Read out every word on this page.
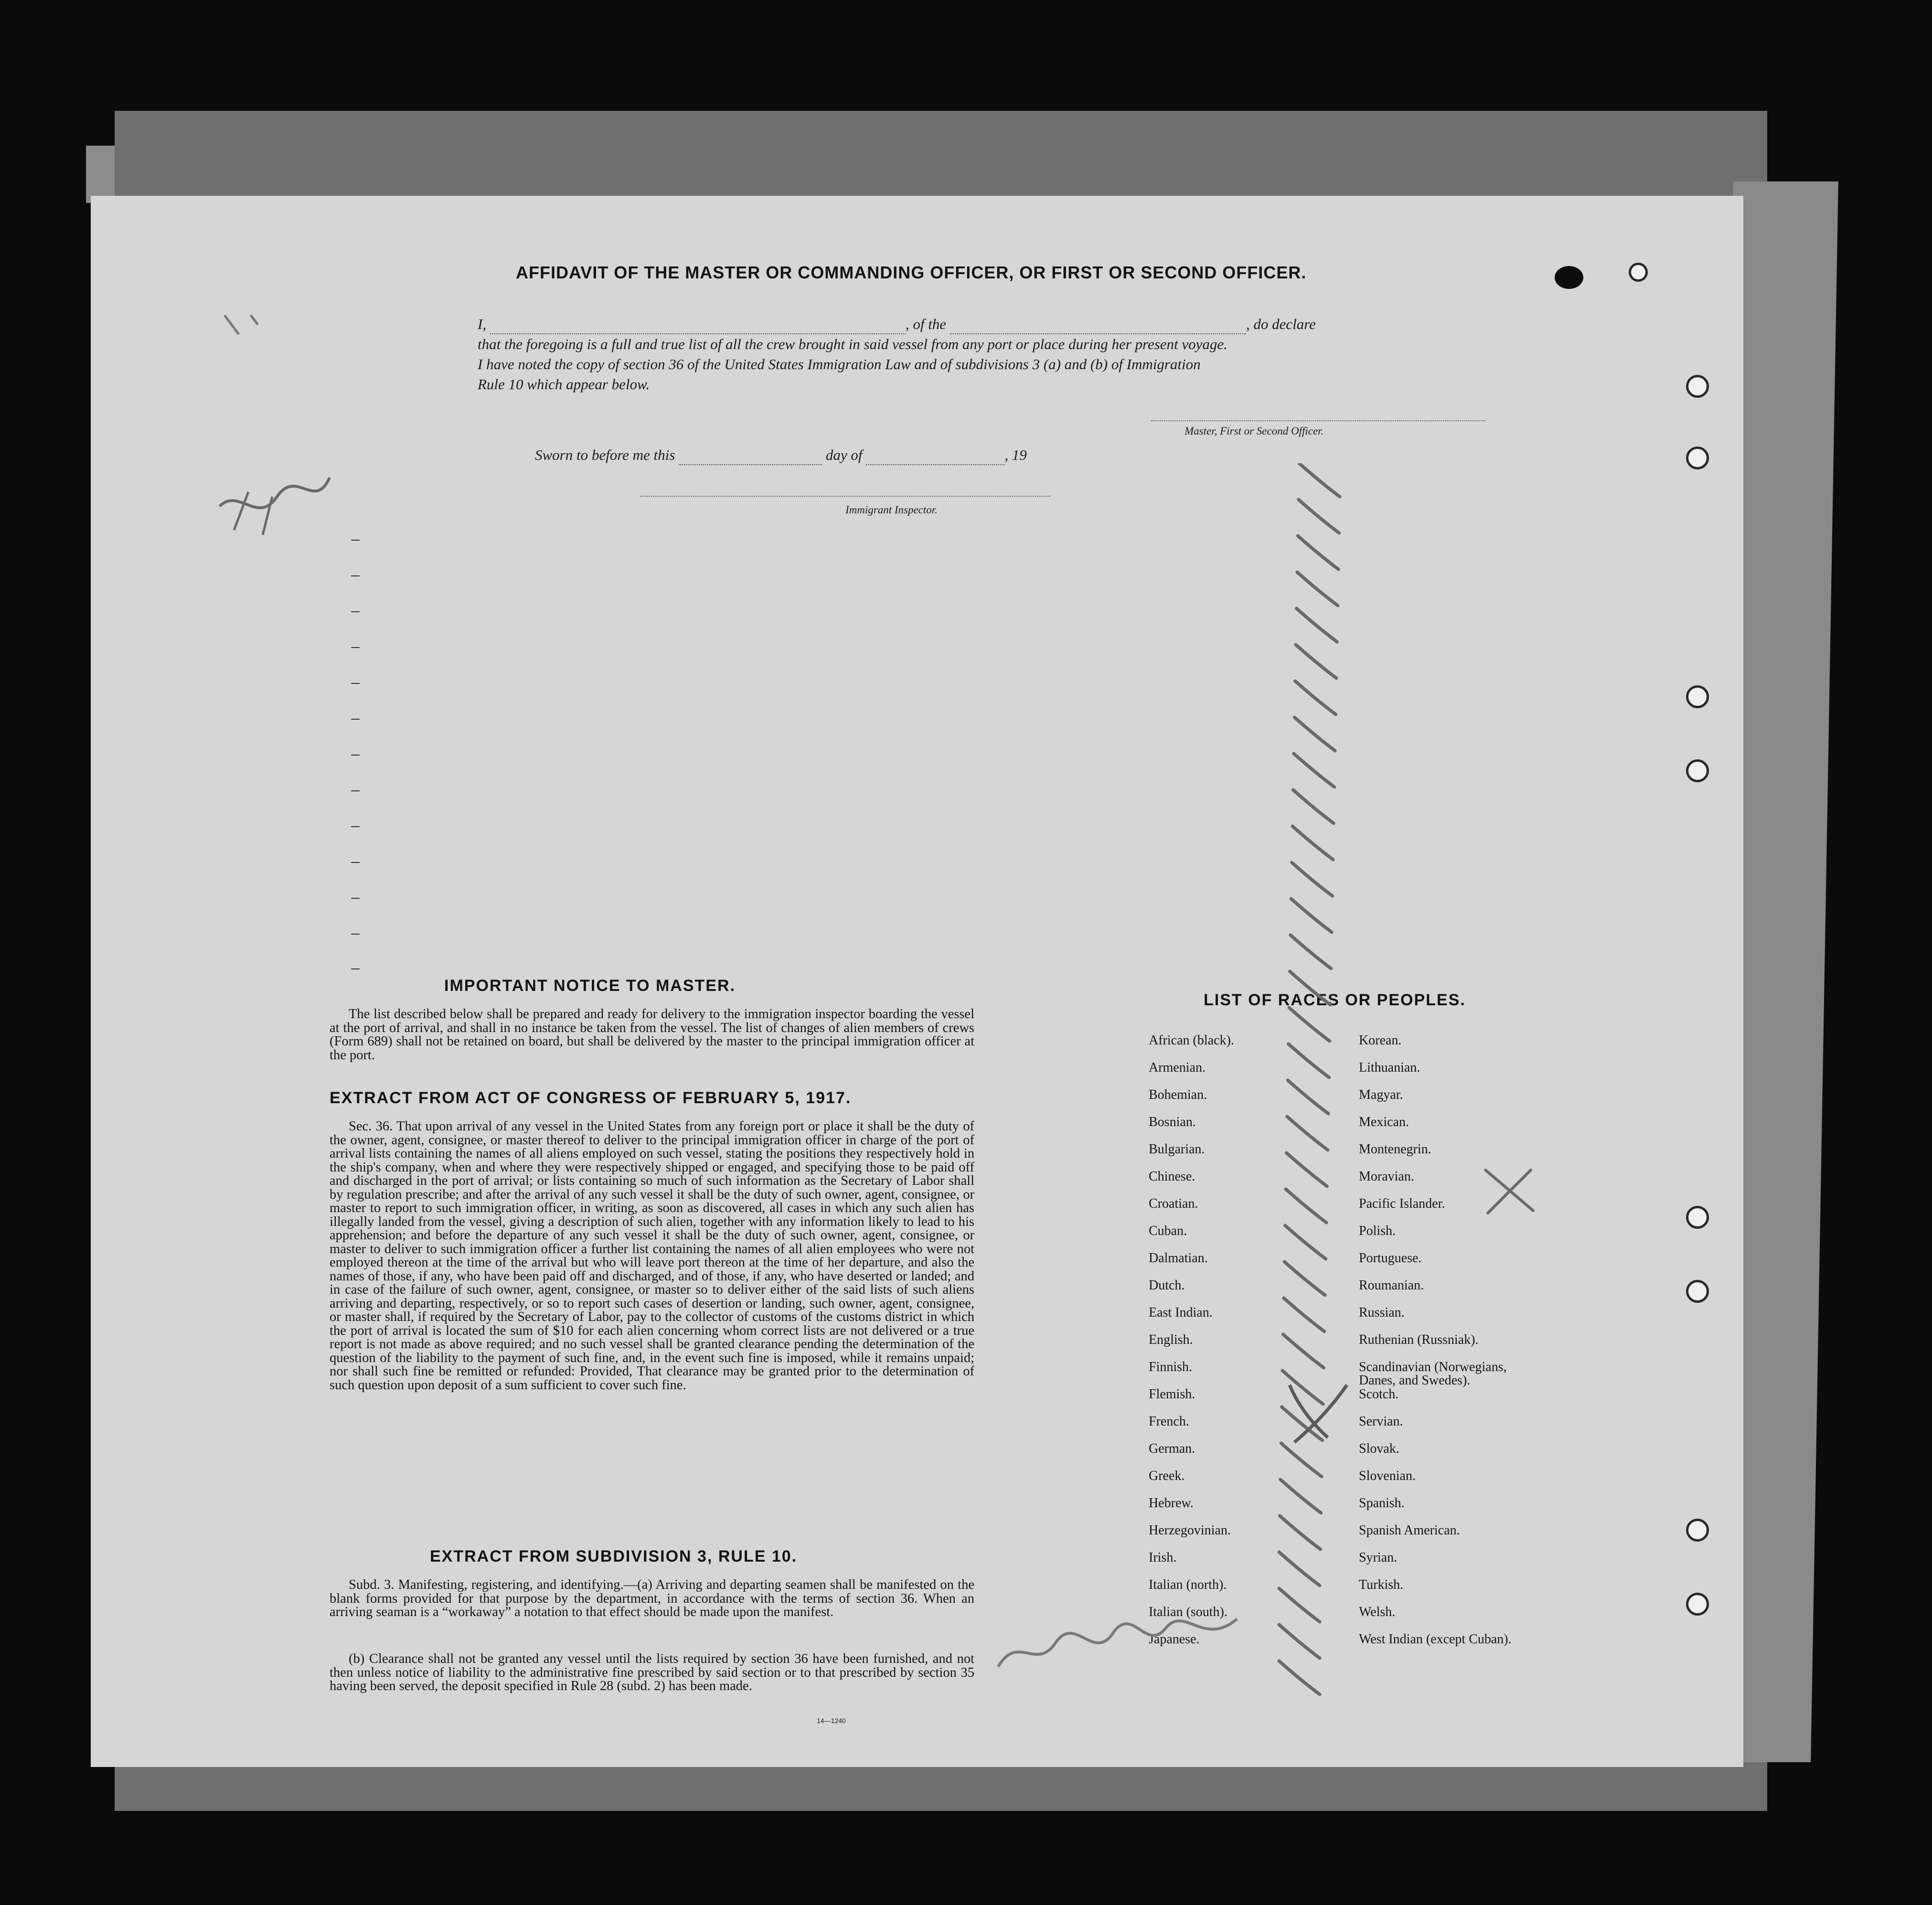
AFFIDAVIT OF THE MASTER OR COMMANDING OFFICER, OR FIRST OR SECOND OFFICER.
I,	, of the	, do declare
that the foregoing is a full and true list of all the crew brought in said vessel from any port or place during her present voyage.
I have noted the copy of section 36 of the United States Immigration Law and of subdivisions 3 (a) and (b) of Immigration
Rule 10 which appear below.
Master, First or Second Officer.
Sworn to before me this	day of	, 19
Immigrant Inspector.
IMPORTANT NOTICE TO MASTER.
The list described below shall be prepared and ready for delivery to the immigration inspector boarding the vessel at the port of arrival, and shall in no instance be taken from the vessel. The list of changes of alien members of crews (Form 689) shall not be retained on board, but shall be delivered by the master to the principal immigration officer at the port.
EXTRACT FROM ACT OF CONGRESS OF FEBRUARY 5, 1917.
Sec. 36. That upon arrival of any vessel in the United States from any foreign port or place it shall be the duty of the owner, agent, consignee, or master thereof to deliver to the principal immigration officer in charge of the port of arrival lists containing the names of all aliens employed on such vessel, stating the positions they respectively hold in the ship's company, when and where they were respectively shipped or engaged, and specifying those to be paid off and discharged in the port of arrival; or lists containing so much of such information as the Secretary of Labor shall by regulation prescribe; and after the arrival of any such vessel it shall be the duty of such owner, agent, consignee, or master to report to such immigration officer, in writing, as soon as discovered, all cases in which any such alien has illegally landed from the vessel, giving a description of such alien, together with any information likely to lead to his apprehension; and before the departure of any such vessel it shall be the duty of such owner, agent, consignee, or master to deliver to such immigration officer a further list containing the names of all alien employees who were not employed thereon at the time of the arrival but who will leave port thereon at the time of her departure, and also the names of those, if any, who have been paid off and discharged, and of those, if any, who have deserted or landed; and in case of the failure of such owner, agent, consignee, or master so to deliver either of the said lists of such aliens arriving and departing, respectively, or so to report such cases of desertion or landing, such owner, agent, consignee, or master shall, if required by the Secretary of Labor, pay to the collector of customs of the customs district in which the port of arrival is located the sum of $10 for each alien concerning whom correct lists are not delivered or a true report is not made as above required; and no such vessel shall be granted clearance pending the determination of the question of the liability to the payment of such fine, and, in the event such fine is imposed, while it remains unpaid; nor shall such fine be remitted or refunded: Provided, That clearance may be granted prior to the determination of such question upon deposit of a sum sufficient to cover such fine.
EXTRACT FROM SUBDIVISION 3, RULE 10.
Subd. 3. Manifesting, registering, and identifying.—(a) Arriving and departing seamen shall be manifested on the blank forms provided for that purpose by the department, in accordance with the terms of section 36. When an arriving seaman is a “workaway” a notation to that effect should be made upon the manifest.
(b) Clearance shall not be granted any vessel until the lists required by section 36 have been furnished, and not then unless notice of liability to the administrative fine prescribed by said section or to that prescribed by section 35 having been served, the deposit specified in Rule 28 (subd. 2) has been made.
14—1240
LIST OF RACES OR PEOPLES.
African (black).
Armenian.
Bohemian.
Bosnian.
Bulgarian.
Chinese.
Croatian.
Cuban.
Dalmatian.
Dutch.
East Indian.
English.
Finnish.
Flemish.
French.
German.
Greek.
Hebrew.
Herzegovinian.
Irish.
Italian (north).
Italian (south).
Japanese.
Korean.
Lithuanian.
Magyar.
Mexican.
Montenegrin.
Moravian.
Pacific Islander.
Polish.
Portuguese.
Roumanian.
Russian.
Ruthenian (Russniak).
Scandinavian (Norwegians,
Danes, and Swedes).
Scotch.
Servian.
Slovak.
Slovenian.
Spanish.
Spanish American.
Syrian.
Turkish.
Welsh.
West Indian (except Cuban).
